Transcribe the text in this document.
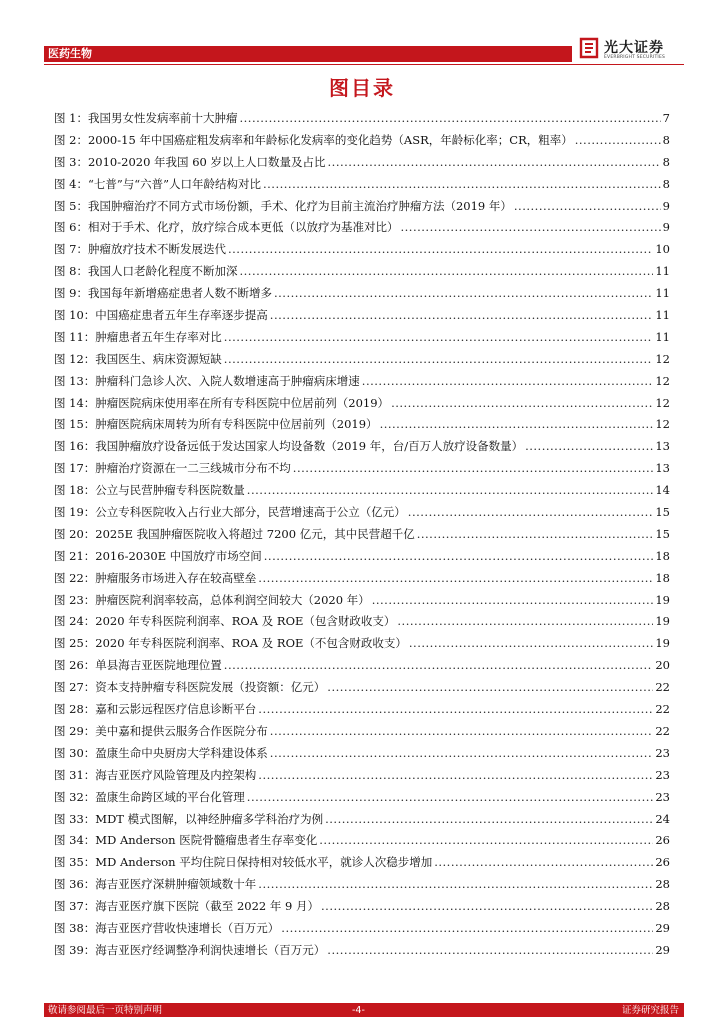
医药生物	光大证券
EVERBRIGHT SECURITIES
图目录
图 1： 我国男女性发病率前十大肿瘤 .....	7
图 2： 2000-15 年中国癌症粗发病率和年龄标化发病率的变化趋势（ASR，年龄标化率；CR，粗率） .....	8
图 3： 2010-2020 年我国 60 岁以上人口数量及占比 .....	8
图 4： “七普”与“六普”人口年龄结构对比 .....	8
图 5： 我国肿瘤治疗不同方式市场份额，手术、化疗为目前主流治疗肿瘤方法（2019 年） .....	9
图 6： 相对于手术、化疗，放疗综合成本更低（以放疗为基准对比） .....	9
图 7： 肿瘤放疗技术不断发展迭代 .....	10
图 8： 我国人口老龄化程度不断加深 .....	11
图 9： 我国每年新增癌症患者人数不断增多 .....	11
图 10： 中国癌症患者五年生存率逐步提高 .....	11
图 11： 肿瘤患者五年生存率对比 .....	11
图 12： 我国医生、病床资源短缺 .....	12
图 13： 肿瘤科门急诊人次、入院人数增速高于肿瘤病床增速 .....	12
图 14： 肿瘤医院病床使用率在所有专科医院中位居前列（2019） .....	12
图 15： 肿瘤医院病床周转为所有专科医院中位居前列（2019） .....	12
图 16： 我国肿瘤放疗设备远低于发达国家人均设备数（2019 年，台/百万人放疗设备数量） .....	13
图 17： 肿瘤治疗资源在一二三线城市分布不均 .....	13
图 18： 公立与民营肿瘤专科医院数量 .....	14
图 19： 公立专科医院收入占行业大部分，民营增速高于公立（亿元） .....	15
图 20： 2025E 我国肿瘤医院收入将超过 7200 亿元，其中民营超千亿 .....	15
图 21： 2016-2030E 中国放疗市场空间 .....	18
图 22： 肿瘤服务市场进入存在较高壁垒 .....	18
图 23： 肿瘤医院利润率较高，总体利润空间较大（2020 年） .....	19
图 24： 2020 年专科医院利润率、ROA 及 ROE（包含财政收支） .....	19
图 25： 2020 年专科医院利润率、ROA 及 ROE（不包含财政收支） .....	19
图 26： 单县海吉亚医院地理位置 .....	20
图 27： 资本支持肿瘤专科医院发展（投资额：亿元） .....	22
图 28： 嘉和云影远程医疗信息诊断平台 .....	22
图 29： 美中嘉和提供云服务合作医院分布 .....	22
图 30： 盈康生命中央厨房大学科建设体系 .....	23
图 31： 海吉亚医疗风险管理及内控架构 .....	23
图 32： 盈康生命跨区域的平台化管理 .....	23
图 33： MDT 模式图解，以神经肿瘤多学科治疗为例 .....	24
图 34： MD Anderson 医院骨髓瘤患者生存率变化 .....	26
图 35： MD Anderson 平均住院日保持相对较低水平，就诊人次稳步增加 .....	26
图 36： 海吉亚医疗深耕肿瘤领域数十年 .....	28
图 37： 海吉亚医疗旗下医院（截至 2022 年 9 月） .....	28
图 38： 海吉亚医疗营收快速增长（百万元） .....	29
图 39： 海吉亚医疗经调整净利润快速增长（百万元） .....	29
敬请参阅最后一页特别声明	-4-	证券研究报告
